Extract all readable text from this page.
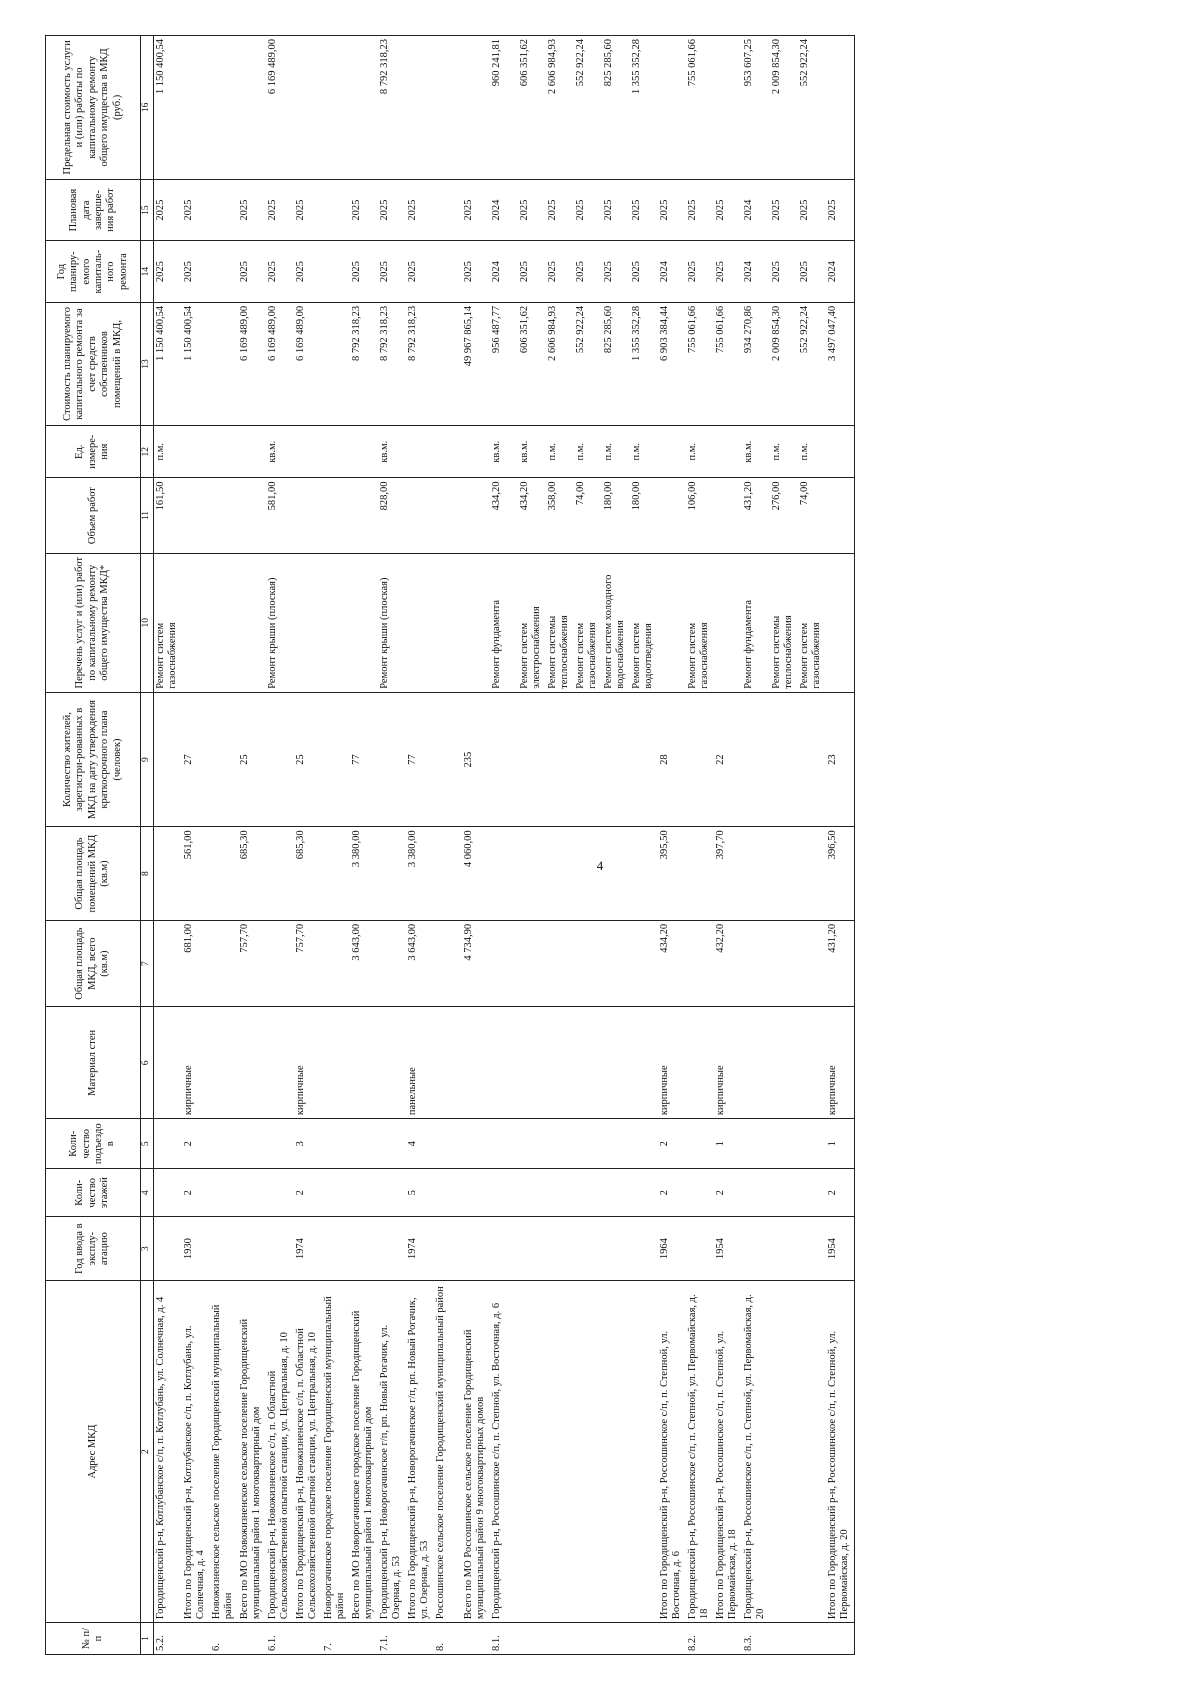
4
№ п/п	Адрес МКД	Год ввода в эксплу-атацию	Коли-чество этажей	Коли-чество подъездо в	Материал стен	Общая площадь МКД, всего (кв.м)	Общая площадь помещений МКД (кв.м)	Количество жителей, зарегистри-рованных в МКД на дату утверждения краткосрочного плана (человек)	Перечень услуг и (или) работ по капитальному ремонту общего имущества МКД*	Объем работ	Ед. измере-ния	Стоимость планируемого капитального ремонта за счет средств собственников помещений в МКД,	Год планиру-емого капиталь-ного ремонта	Плановая дата заверше-ния работ	Предельная стоимость услуги и (или) работы по капитальному ремонту общего имущества в МКД (руб.)
1	2	3	4	5	6	7	8	9	10	11	12	13	14	15	16
5.2.	Городищенский р-н, Котлубанское с/п, п. Котлубань, ул. Солнечная, д. 4								Ремонт систем газоснабжения	161,50	п.м.	1 150 400,54	2025	2025	1 150 400,54
	Итого по Городищенский р-н, Котлубанское с/п, п. Котлубань, ул. Солнечная, д. 4	1930	2	2	кирпичные	681,00	561,00	27				1 150 400,54	2025	2025	
6.	Новожизненское сельское поселение Городищенский муниципальный район														
	Всего по МО Новожизненское сельское поселение Городищенский муниципальный район 1 многоквартирный дом					757,70	685,30	25				6 169 489,00	2025	2025	
6.1.	Городищенский р-н, Новожизненское с/п, п. Областной Сельскохозяйственной опытной станции, ул. Центральная, д. 10								Ремонт крыши (плоская)	581,00	кв.м.	6 169 489,00	2025	2025	6 169 489,00
	Итого по Городищенский р-н, Новожизненское с/п, п. Областной Сельскохозяйственной опытной станции, ул. Центральная, д. 10	1974	2	3	кирпичные	757,70	685,30	25				6 169 489,00	2025	2025	
7.	Новорогачинское городское поселение Городищенский муниципальный район														
	Всего по МО Новорогачинское городское поселение Городищенский муниципальный район 1 многоквартирный дом					3 643,00	3 380,00	77				8 792 318,23	2025	2025	
7.1.	Городищенский р-н, Новорогачинское г/п, рп. Новый Рогачик, ул. Озерная, д. 53								Ремонт крыши (плоская)	828,00	кв.м.	8 792 318,23	2025	2025	8 792 318,23
	Итого по Городищенский р-н, Новорогачинское г/п, рп. Новый Рогачик, ул. Озерная, д. 53	1974	5	4	панельные	3 643,00	3 380,00	77				8 792 318,23	2025	2025	
8.	Россошинское сельское поселение Городищенский муниципальный район														
	Всего по МО Россошинское сельское поселение Городищенский муниципальный район 9 многоквартирных домов					4 734,90	4 060,00	235				49 967 865,14	2025	2025	
8.1.	Городищенский р-н, Россошинское с/п, п. Степной, ул. Восточная, д. 6								Ремонт фундамента	434,20	кв.м.	956 487,77	2024	2024	960 241,81
									Ремонт систем электроснабжения	434,20	кв.м.	606 351,62	2025	2025	606 351,62
									Ремонт системы теплоснабжения	358,00	п.м.	2 606 984,93	2025	2025	2 606 984,93
									Ремонт систем газоснабжения	74,00	п.м.	552 922,24	2025	2025	552 922,24
									Ремонт систем холодного водоснабжения	180,00	п.м.	825 285,60	2025	2025	825 285,60
									Ремонт систем водоотведения	180,00	п.м.	1 355 352,28	2025	2025	1 355 352,28
	Итого по Городищенский р-н, Россошинское с/п, п. Степной, ул. Восточная, д. 6	1964	2	2	кирпичные	434,20	395,50	28				6 903 384,44	2024	2025	
8.2.	Городищенский р-н, Россошинское с/п, п. Степной, ул. Первомайская, д. 18								Ремонт систем газоснабжения	106,00	п.м.	755 061,66	2025	2025	755 061,66
	Итого по Городищенский р-н, Россошинское с/п, п. Степной, ул. Первомайская, д. 18	1954	2	1	кирпичные	432,20	397,70	22				755 061,66	2025	2025	
8.3.	Городищенский р-н, Россошинское с/п, п. Степной, ул. Первомайская, д. 20								Ремонт фундамента	431,20	кв.м.	934 270,86	2024	2024	953 607,25
									Ремонт системы теплоснабжения	276,00	п.м.	2 009 854,30	2025	2025	2 009 854,30
									Ремонт систем газоснабжения	74,00	п.м.	552 922,24	2025	2025	552 922,24
	Итого по Городищенский р-н, Россошинское с/п, п. Степной, ул. Первомайская, д. 20	1954	2	1	кирпичные	431,20	396,50	23				3 497 047,40	2024	2025	
